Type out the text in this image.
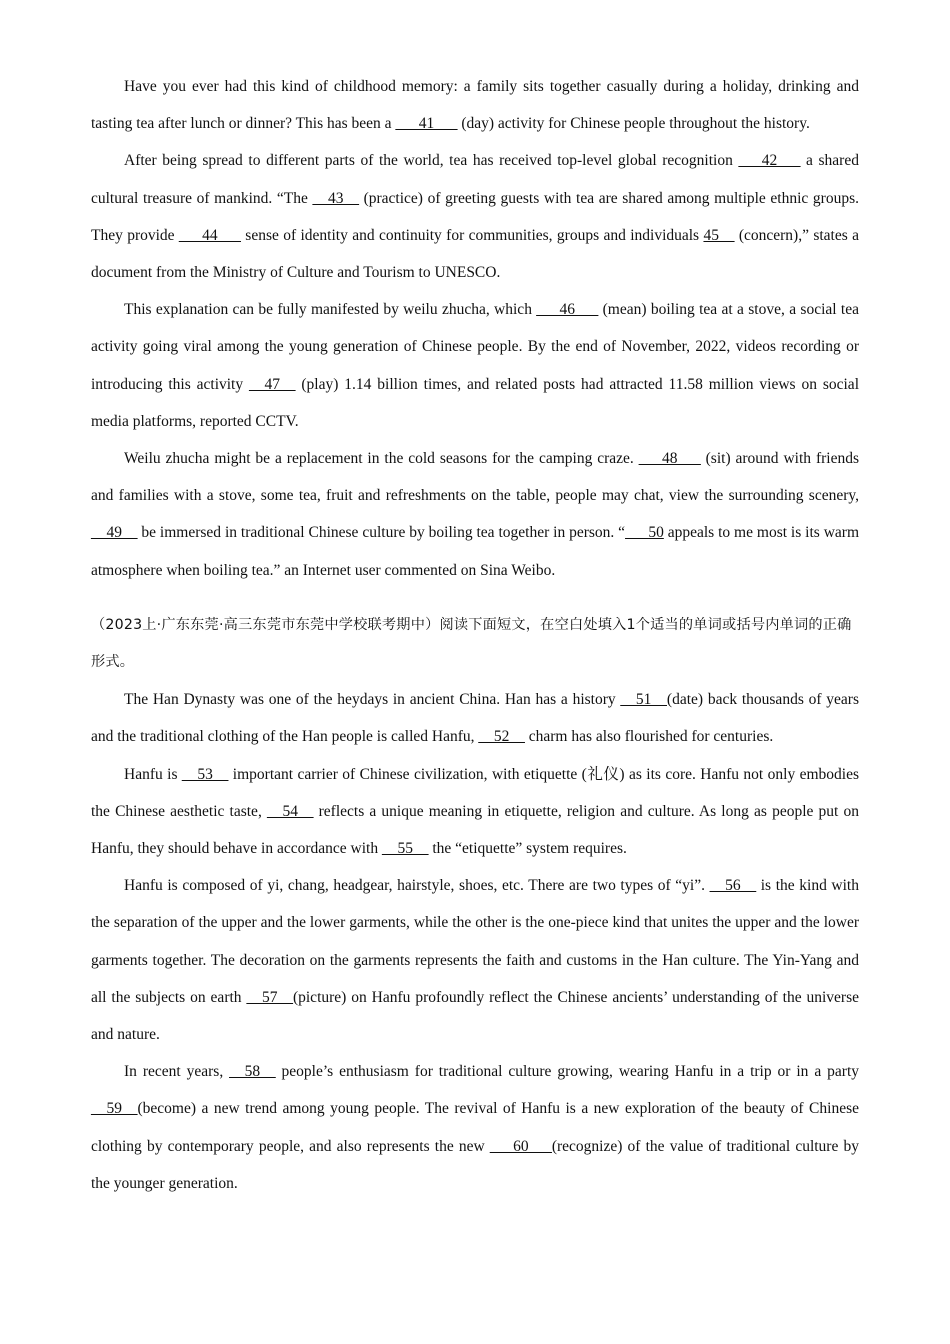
Have you ever had this kind of childhood memory: a family sits together casually during a holiday, drinking and tasting tea after lunch or dinner? This has been a ___41___ (day) activity for Chinese people throughout the history.

After being spread to different parts of the world, tea has received top-level global recognition ___42___ a shared cultural treasure of mankind. “The __43__ (practice) of greeting guests with tea are shared among multiple ethnic groups. They provide ___44___ sense of identity and continuity for communities, groups and individuals 45__ (concern),” states a document from the Ministry of Culture and Tourism to UNESCO.

This explanation can be fully manifested by weilu zhucha, which ___46___ (mean) boiling tea at a stove, a social tea activity going viral among the young generation of Chinese people. By the end of November, 2022, videos recording or introducing this activity __47__ (play) 1.14 billion times, and related posts had attracted 11.58 million views on social media platforms, reported CCTV.

Weilu zhucha might be a replacement in the cold seasons for the camping craze. ___48___ (sit) around with friends and families with a stove, some tea, fruit and refreshments on the table, people may chat, view the surrounding scenery, __49__ be immersed in traditional Chinese culture by boiling tea together in person. “___50 appeals to me most is its warm atmosphere when boiling tea.” an Internet user commented on Sina Weibo.

（2023上·广东东莞·高三东莞市东莞中学校联考期中）阅读下面短文，在空白处填入1个适当的单词或括号内单词的正确形式。

The Han Dynasty was one of the heydays in ancient China. Han has a history __51__(date) back thousands of years and the traditional clothing of the Han people is called Hanfu, __52__ charm has also flourished for centuries.

Hanfu is __53__ important carrier of Chinese civilization, with etiquette (礼仪) as its core. Hanfu not only embodies the Chinese aesthetic taste, __54__ reflects a unique meaning in etiquette, religion and culture. As long as people put on Hanfu, they should behave in accordance with __55__ the “etiquette” system requires.

Hanfu is composed of yi, chang, headgear, hairstyle, shoes, etc. There are two types of “yi”. __56__ is the kind with the separation of the upper and the lower garments, while the other is the one-piece kind that unites the upper and the lower garments together. The decoration on the garments represents the faith and customs in the Han culture. The Yin-Yang and all the subjects on earth __57__(picture) on Hanfu profoundly reflect the Chinese ancients’ understanding of the universe and nature.

In recent years, __58__ people’s enthusiasm for traditional culture growing, wearing Hanfu in a trip or in a party __59__(become) a new trend among young people. The revival of Hanfu is a new exploration of the beauty of Chinese clothing by contemporary people, and also represents the new ___60___(recognize) of the value of traditional culture by the younger generation.
